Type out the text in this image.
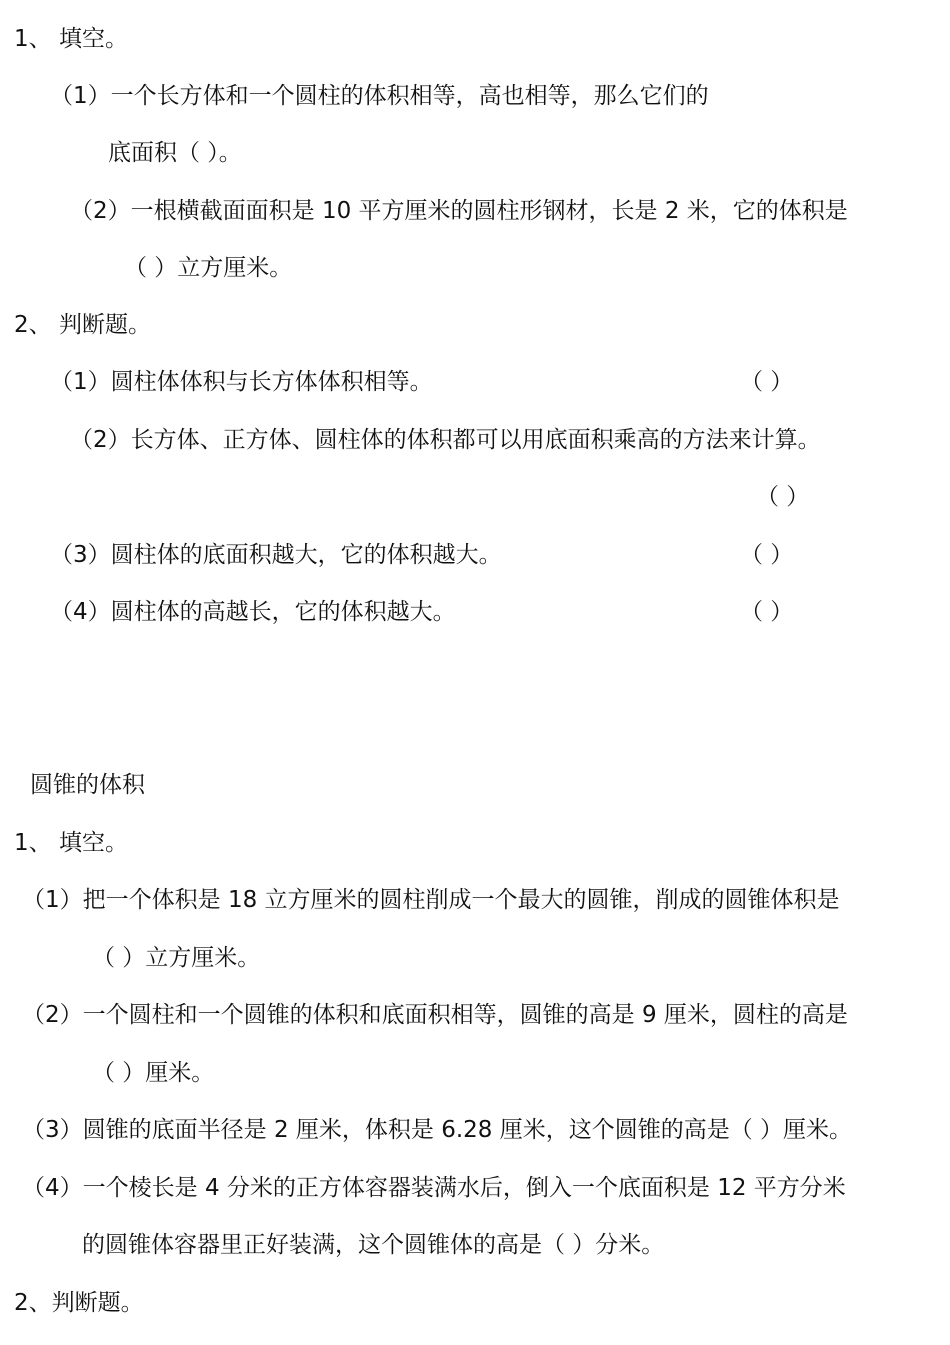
1、 填空。
（1）一个长方体和一个圆柱的体积相等，高也相等，那么它们的
底面积（ ）。
（2）一根横截面面积是 10 平方厘米的圆柱形钢材，长是 2 米，它的体积是
（ ）立方厘米。
2、 判断题。
（1）圆柱体体积与长方体体积相等。	（ ）
（2）长方体、正方体、圆柱体的体积都可以用底面积乘高的方法来计算。
（ ）
（3）圆柱体的底面积越大，它的体积越大。	（ ）
（4）圆柱体的高越长，它的体积越大。	（ ）
圆锥的体积
1、 填空。
（1）把一个体积是 18 立方厘米的圆柱削成一个最大的圆锥，削成的圆锥体积是
（ ）立方厘米。
（2）一个圆柱和一个圆锥的体积和底面积相等，圆锥的高是 9 厘米，圆柱的高是
（ ）厘米。
（3）圆锥的底面半径是 2 厘米，体积是 6.28 厘米，这个圆锥的高是（ ）厘米。
（4）一个棱长是 4 分米的正方体容器装满水后，倒入一个底面积是 12 平方分米
的圆锥体容器里正好装满，这个圆锥体的高是（ ）分米。
2、判断题。
